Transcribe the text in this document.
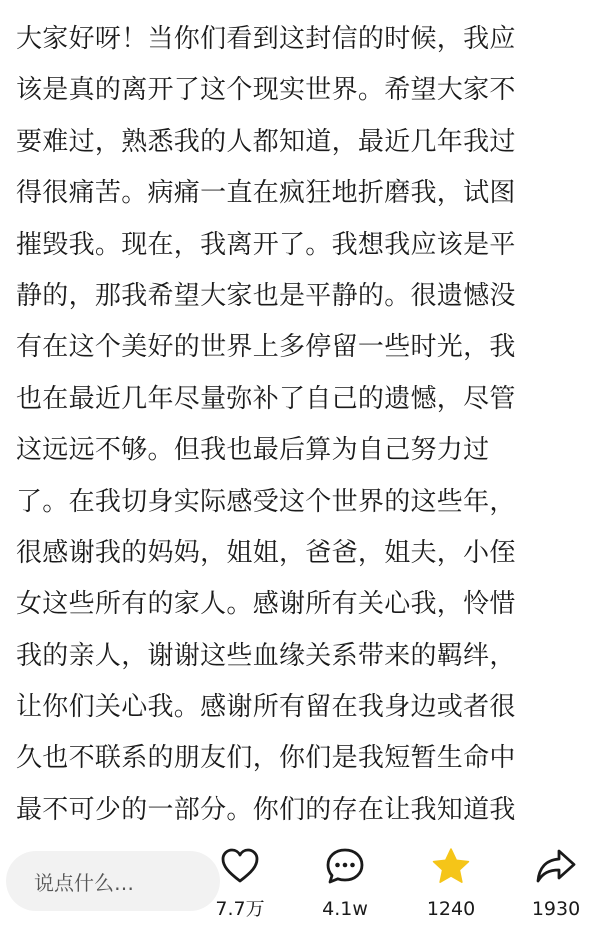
大家好呀！当你们看到这封信的时候，我应
该是真的离开了这个现实世界。希望大家不
要难过，熟悉我的人都知道，最近几年我过
得很痛苦。病痛一直在疯狂地折磨我，试图
摧毁我。现在，我离开了。我想我应该是平
静的，那我希望大家也是平静的。很遗憾没
有在这个美好的世界上多停留一些时光，我
也在最近几年尽量弥补了自己的遗憾，尽管
这远远不够。但我也最后算为自己努力过
了。在我切身实际感受这个世界的这些年，
很感谢我的妈妈，姐姐，爸爸，姐夫，小侄
女这些所有的家人。感谢所有关心我，怜惜
我的亲人，谢谢这些血缘关系带来的羁绊，
让你们关心我。感谢所有留在我身边或者很
久也不联系的朋友们，你们是我短暂生命中
最不可少的一部分。你们的存在让我知道我
说点什么…
7.7万	4.1w	1240	1930
